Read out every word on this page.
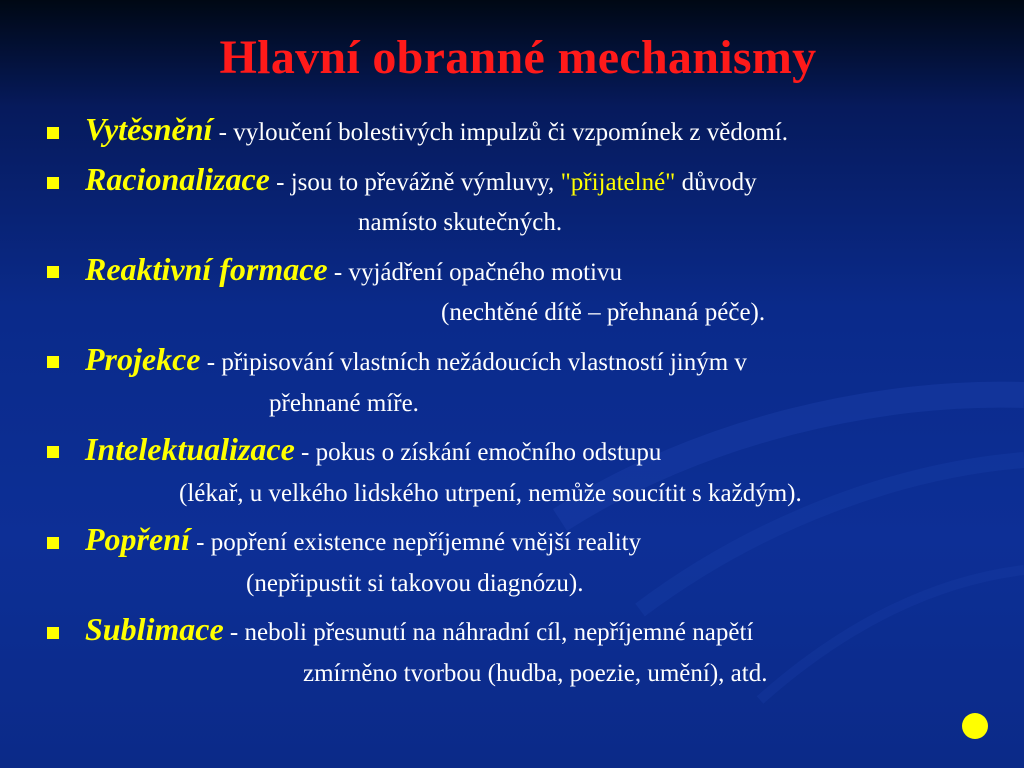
Hlavní obranné mechanismy
Vytěsnění - vyloučení bolestivých impulzů či vzpomínek z vědomí.
Racionalizace - jsou to převážně výmluvy, "přijatelné" důvody
namísto skutečných.
Reaktivní formace - vyjádření opačného motivu
(nechtěné dítě – přehnaná péče).
Projekce - připisování vlastních nežádoucích vlastností jiným v
přehnané míře.
Intelektualizace - pokus o získání emočního odstupu
(lékař, u velkého lidského utrpení, nemůže soucítit s každým).
Popření - popření existence nepříjemné vnější reality
(nepřipustit si takovou diagnózu).
Sublimace - neboli přesunutí na náhradní cíl, nepříjemné napětí
zmírněno tvorbou (hudba, poezie, umění), atd.
